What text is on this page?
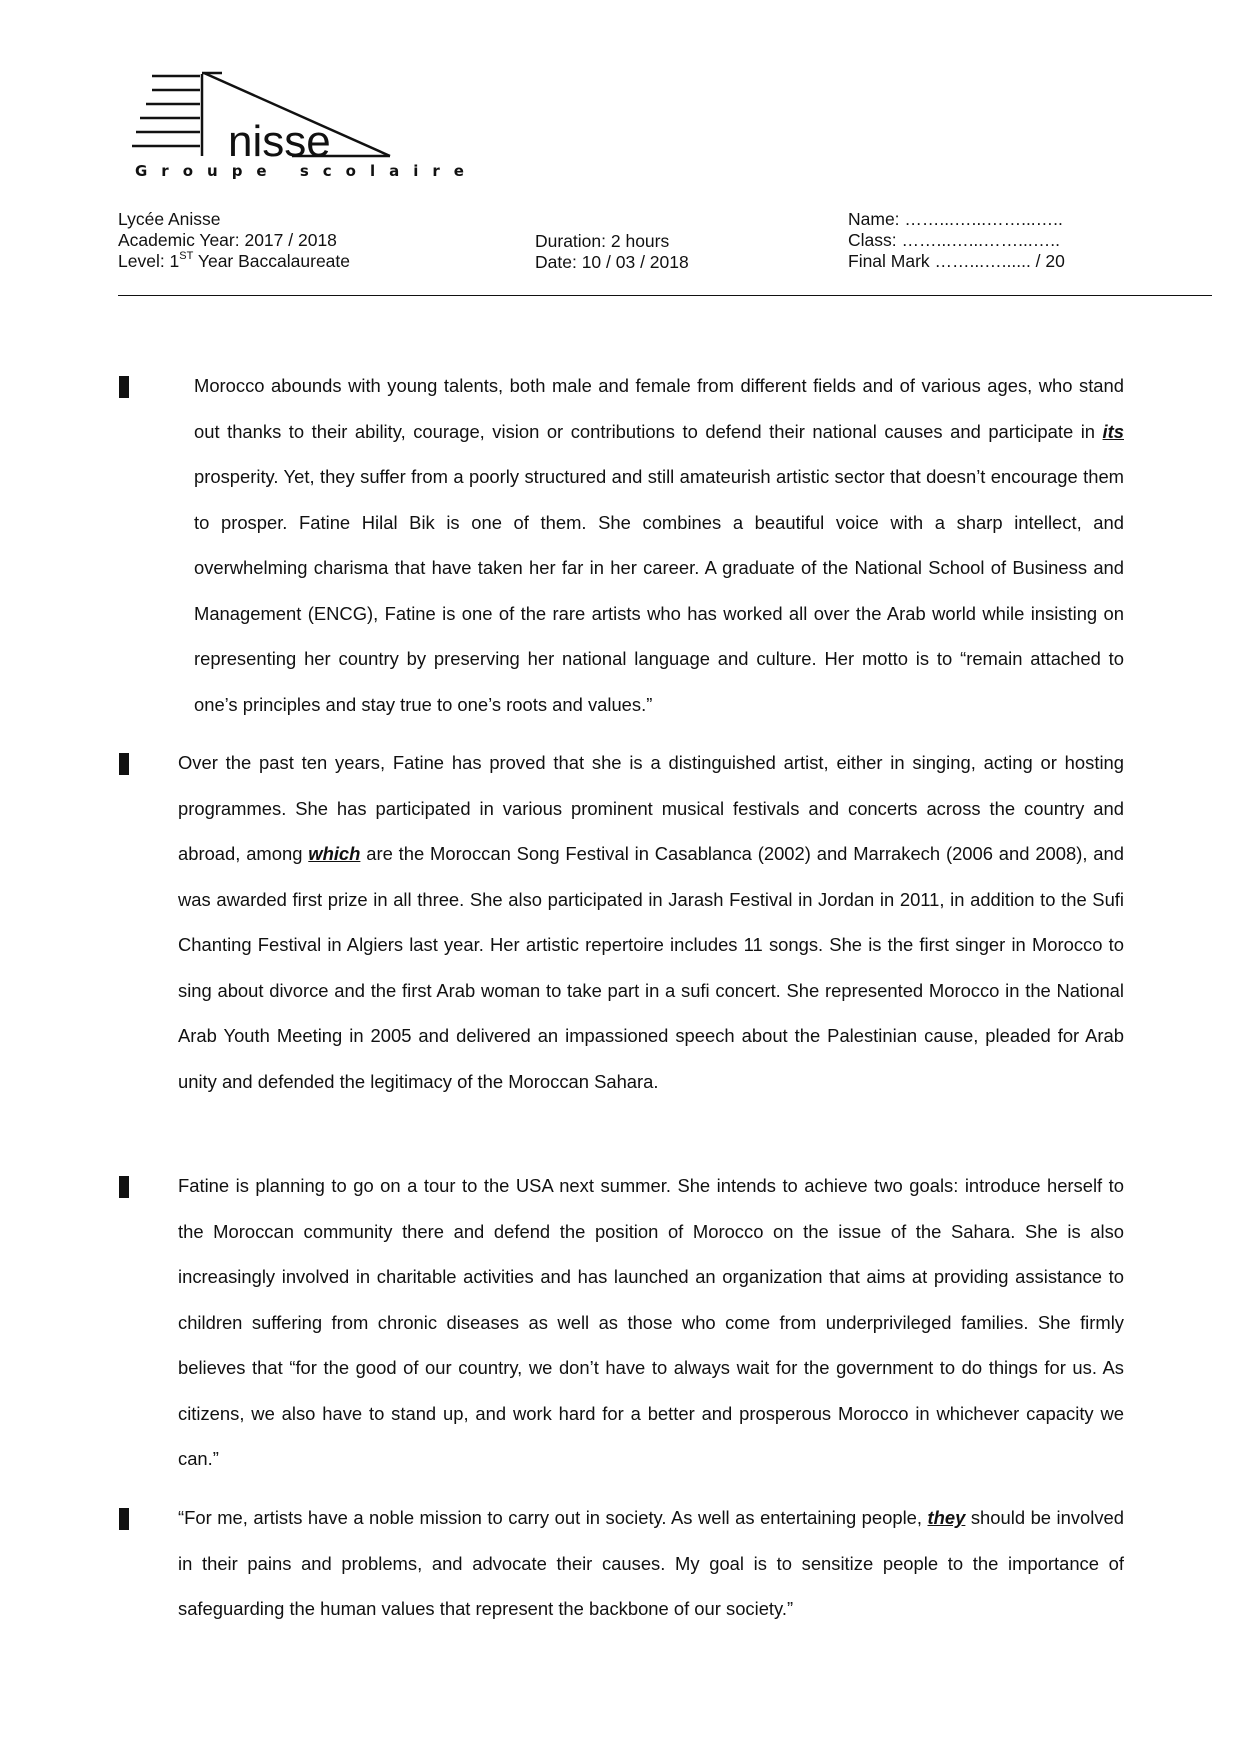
nisse
Groupe scolaire
Lycée Anisse
Academic Year: 2017 / 2018
Level: 1ST Year Baccalaureate
Duration: 2 hours
Date: 10 / 03 / 2018
Name: ……...…...……...…..
Class: ……...…...……...…..
Final Mark ……...…...... / 20
Morocco abounds with young talents, both male and female from different fields and of various ages, who stand out thanks to their ability, courage, vision or contributions to defend their national causes and participate in its prosperity. Yet, they suffer from a poorly structured and still amateurish artistic sector that doesn’t encourage them to prosper. Fatine Hilal Bik is one of them. She combines a beautiful voice with a sharp intellect, and overwhelming charisma that have taken her far in her career. A graduate of the National School of Business and Management (ENCG), Fatine is one of the rare artists who has worked all over the Arab world while insisting on representing her country by preserving her national language and culture. Her motto is to “remain attached to one’s principles and stay true to one’s roots and values.”
Over the past ten years, Fatine has proved that she is a distinguished artist, either in singing, acting or hosting programmes. She has participated in various prominent musical festivals and concerts across the country and abroad, among which are the Moroccan Song Festival in Casablanca (2002) and Marrakech (2006 and 2008), and was awarded first prize in all three. She also participated in Jarash Festival in Jordan in 2011, in addition to the Sufi Chanting Festival in Algiers last year. Her artistic repertoire includes 11 songs. She is the first singer in Morocco to sing about divorce and the first Arab woman to take part in a sufi concert. She represented Morocco in the National Arab Youth Meeting in 2005 and delivered an impassioned speech about the Palestinian cause, pleaded for Arab unity and defended the legitimacy of the Moroccan Sahara.
Fatine is planning to go on a tour to the USA next summer. She intends to achieve two goals: introduce herself to the Moroccan community there and defend the position of Morocco on the issue of the Sahara. She is also increasingly involved in charitable activities and has launched an organization that aims at providing assistance to children suffering from chronic diseases as well as those who come from underprivileged families. She firmly believes that “for the good of our country, we don’t have to always wait for the government to do things for us. As citizens, we also have to stand up, and work hard for a better and prosperous Morocco in whichever capacity we can.”
“For me, artists have a noble mission to carry out in society. As well as entertaining people, they should be involved in their pains and problems, and advocate their causes. My goal is to sensitize people to the importance of safeguarding the human values that represent the backbone of our society.”
